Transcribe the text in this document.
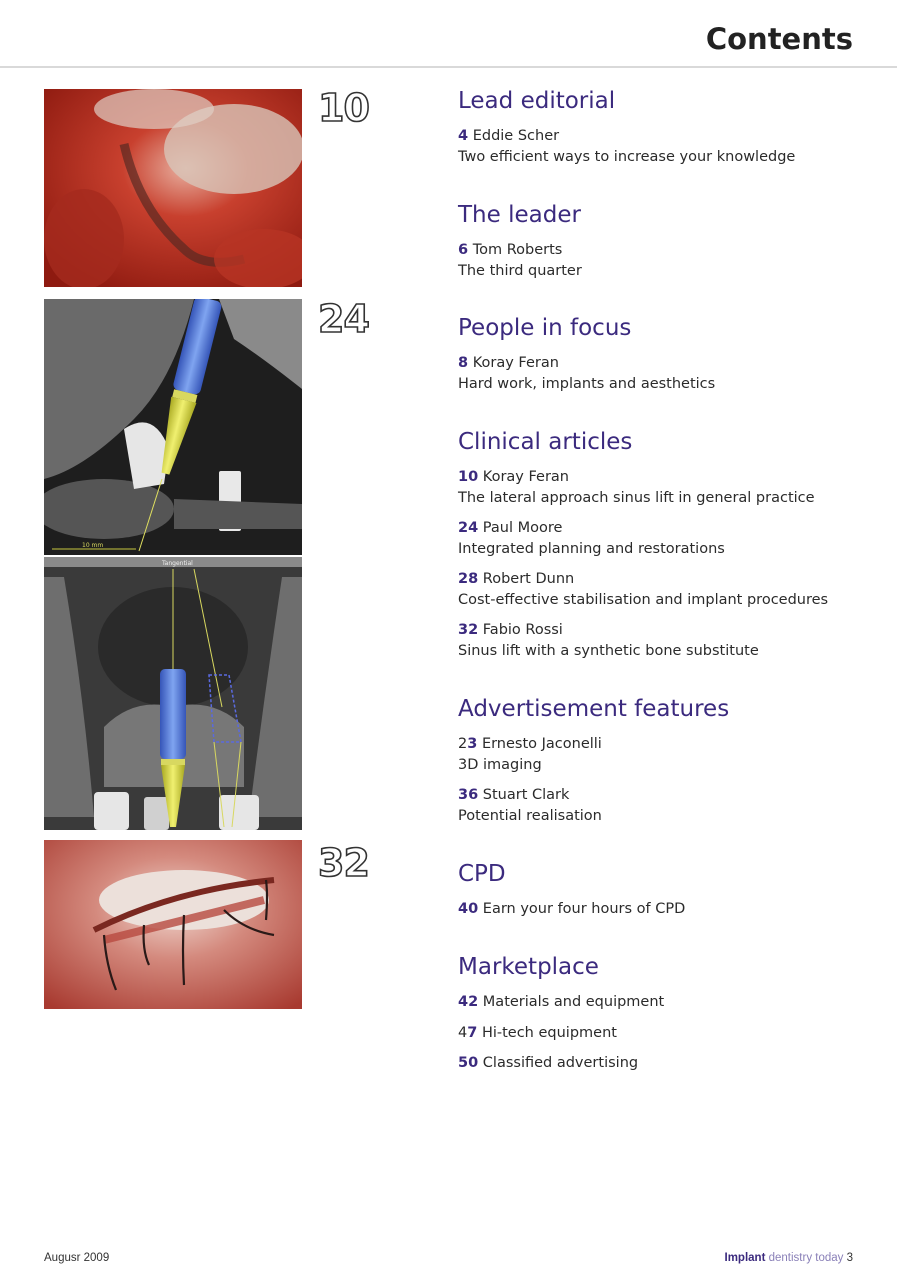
Contents
10
10 mm
24
Tangential
32
Lead editorial
4 Eddie Scher
Two efficient ways to increase your knowledge
The leader
6 Tom Roberts
The third quarter
People in focus
8 Koray Feran
Hard work, implants and aesthetics
Clinical articles
10 Koray Feran
The lateral approach sinus lift in general practice
24 Paul Moore
Integrated planning and restorations
28 Robert Dunn
Cost-effective stabilisation and implant procedures
32 Fabio Rossi
Sinus lift with a synthetic bone substitute
Advertisement features
23 Ernesto Jaconelli
3D imaging
36 Stuart Clark
Potential realisation
CPD
40 Earn your four hours of CPD
Marketplace
42 Materials and equipment
47 Hi-tech equipment
50 Classified advertising
Augusr 2009	Implant dentistry today 3
